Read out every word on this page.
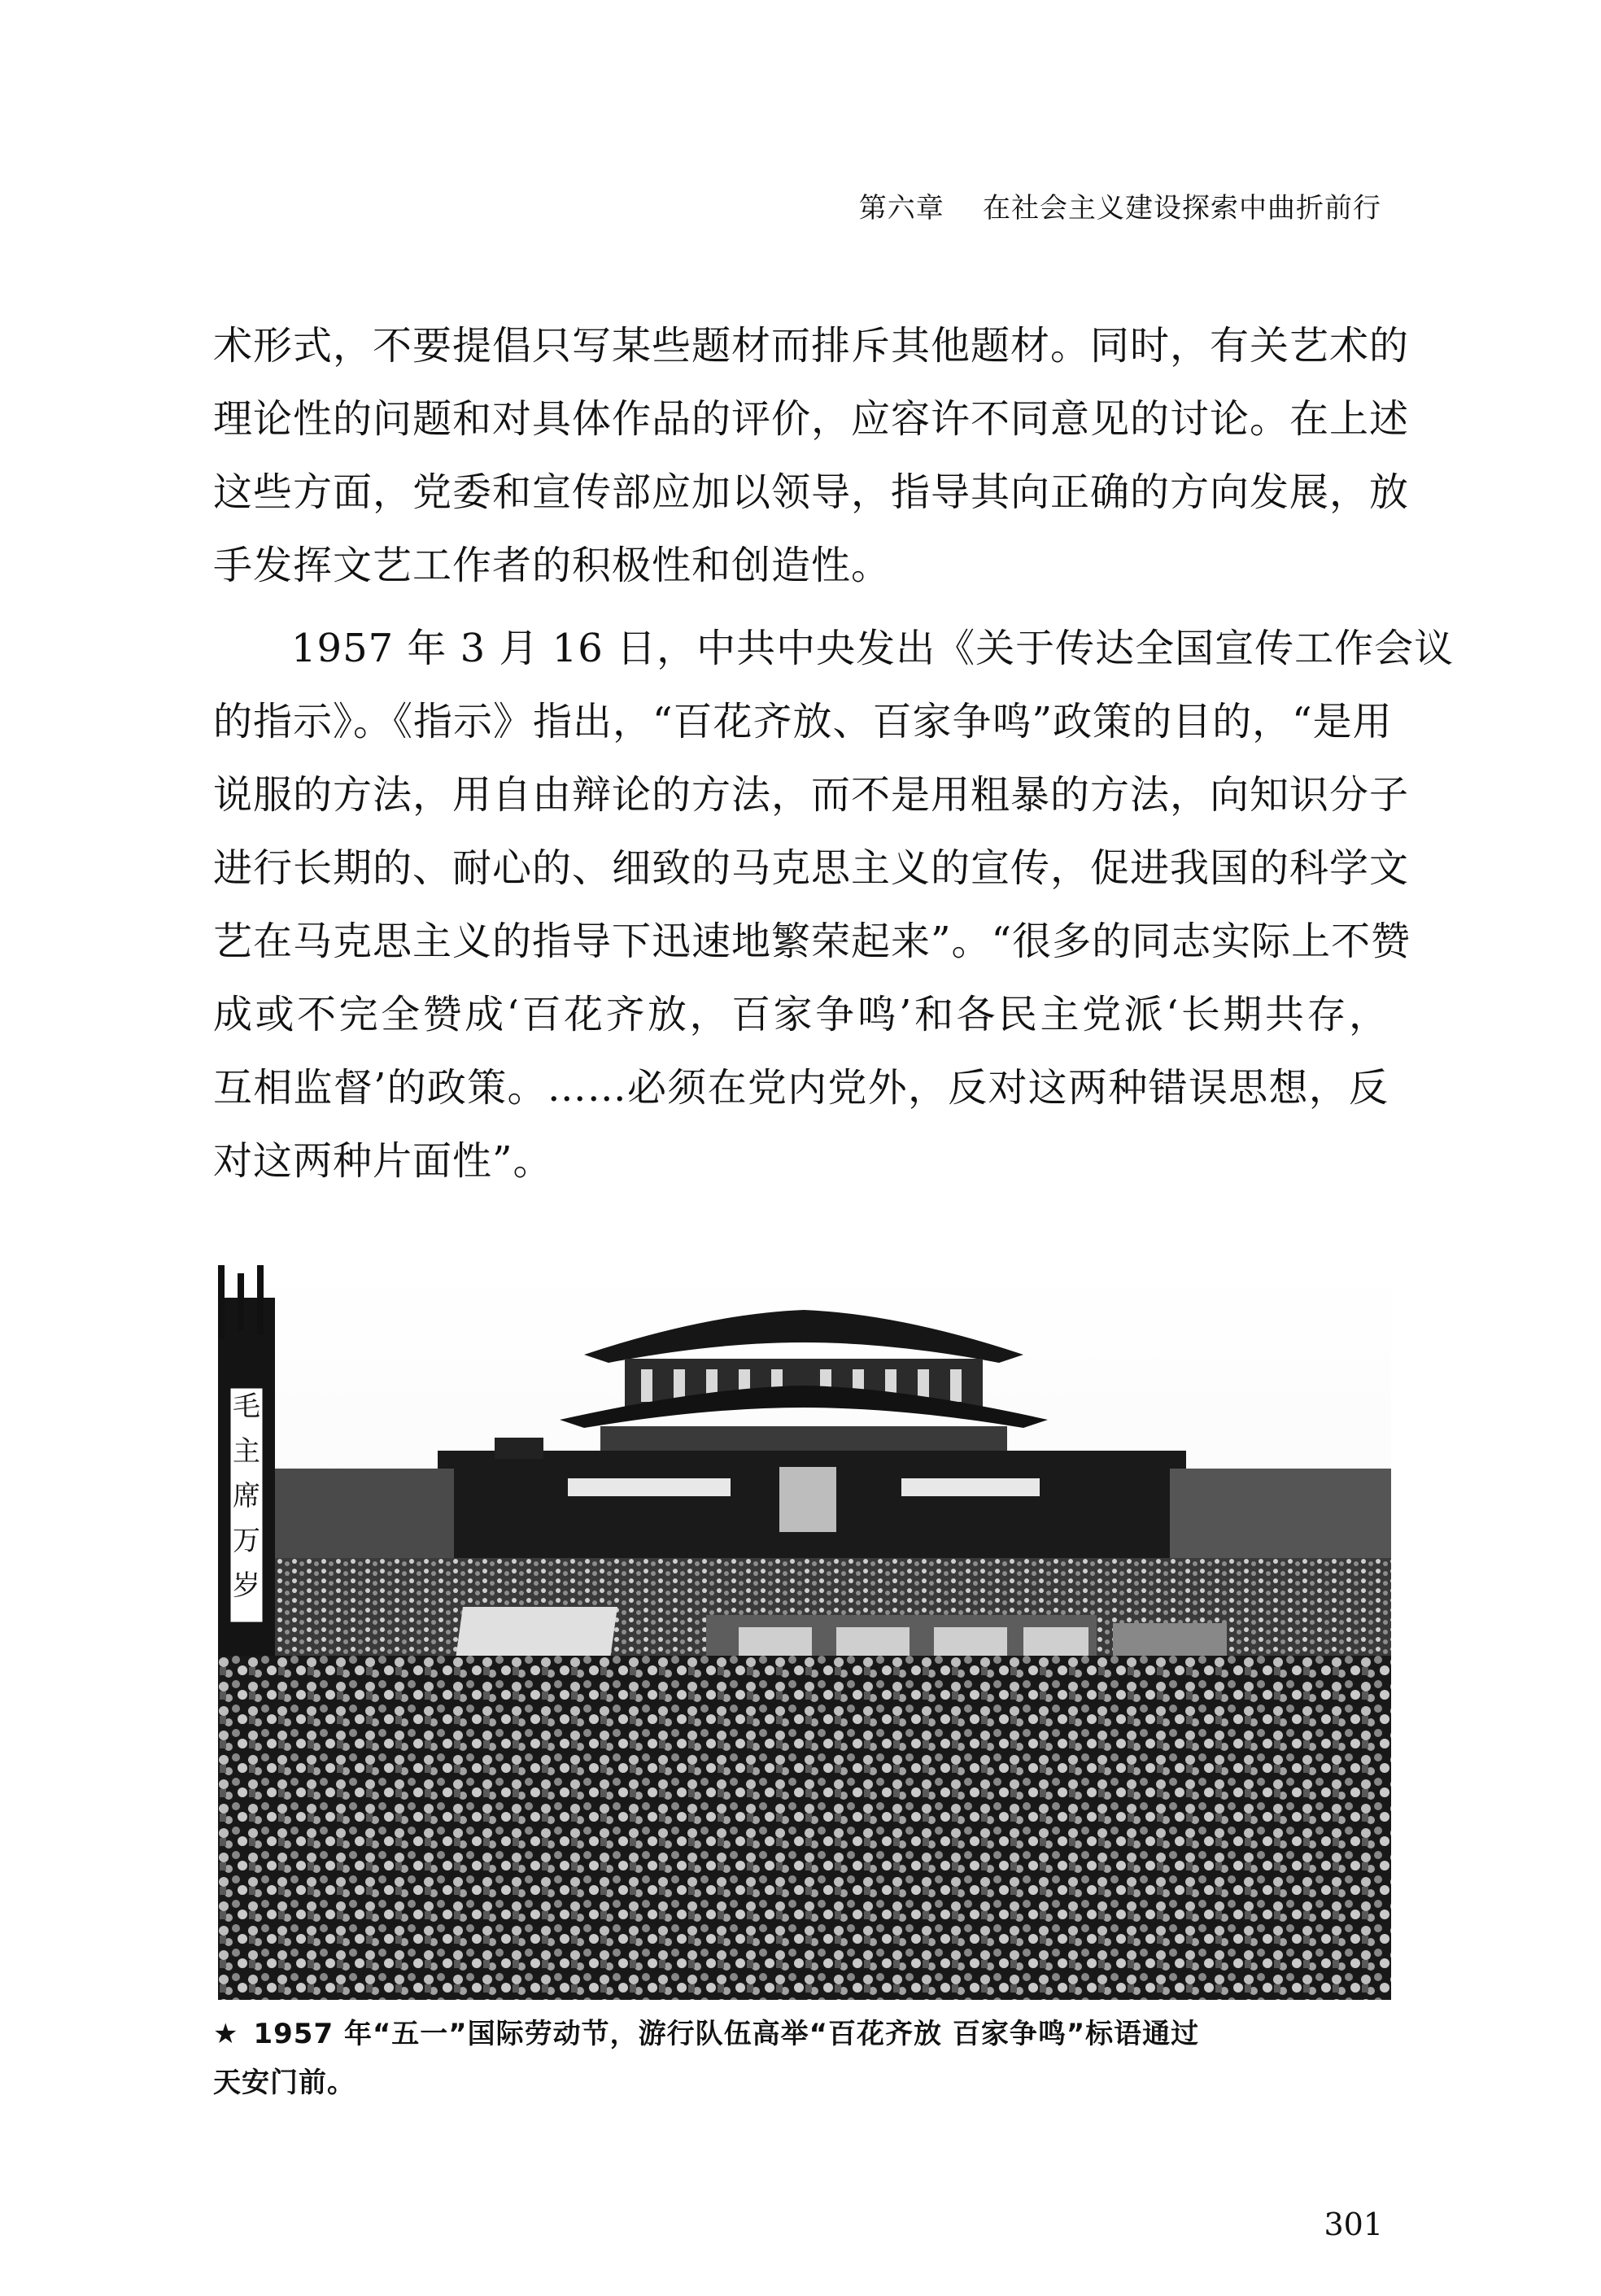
第六章    在社会主义建设探索中曲折前行

术形式，不要提倡只写某些题材而排斥其他题材。同时，有关艺术的
理论性的问题和对具体作品的评价，应容许不同意见的讨论。在上述
这些方面，党委和宣传部应加以领导，指导其向正确的方向发展，放
手发挥文艺工作者的积极性和创造性。

1957 年 3 月 16 日，中共中央发出《关于传达全国宣传工作会议
的指示》。《指示》指出，“百花齐放、百家争鸣”政策的目的，“是用
说服的方法，用自由辩论的方法，而不是用粗暴的方法，向知识分子
进行长期的、耐心的、细致的马克思主义的宣传，促进我国的科学文
艺在马克思主义的指导下迅速地繁荣起来”。“很多的同志实际上不赞
成或不完全赞成‘百花齐放，百家争鸣’和各民主党派‘长期共存，
互相监督’的政策。……必须在党内党外，反对这两种错误思想，反
对这两种片面性”。

毛
主
席
万
岁
★ 1957 年“五一”国际劳动节，游行队伍高举“百花齐放 百家争鸣”标语通过
天安门前。
301
